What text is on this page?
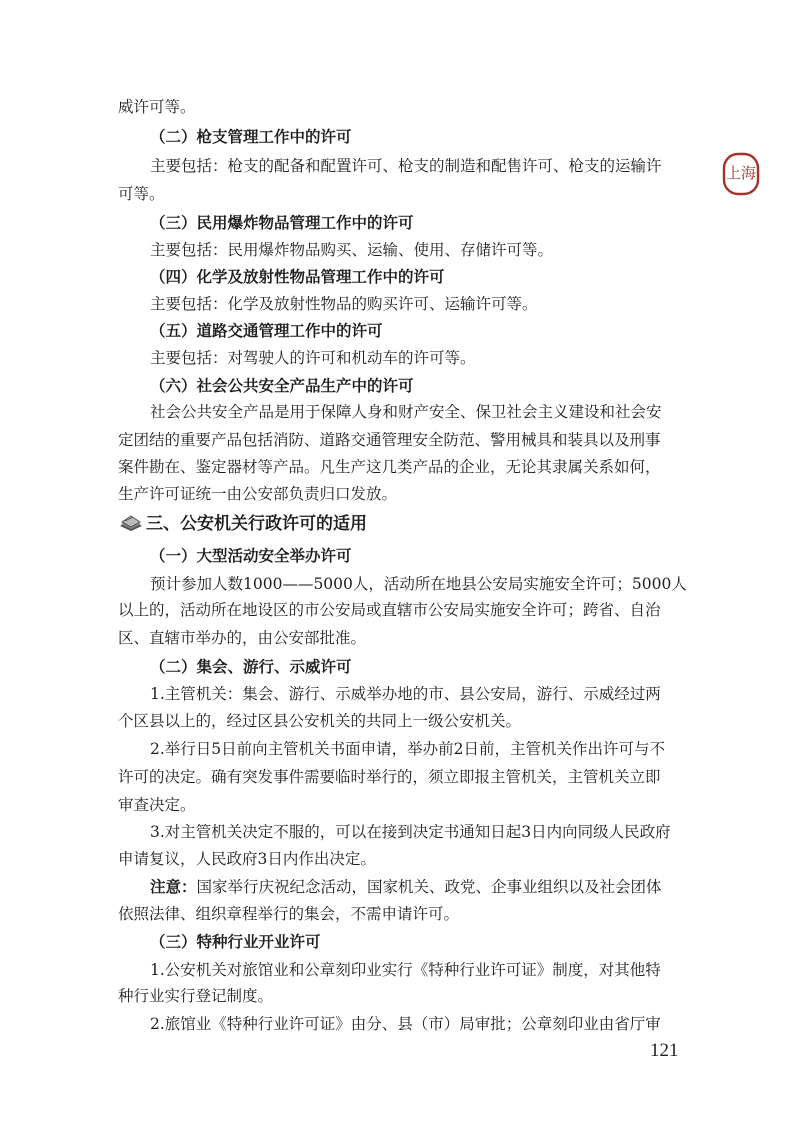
上海
威许可等。
（二）枪支管理工作中的许可
主要包括：枪支的配备和配置许可、枪支的制造和配售许可、枪支的运输许
可等。
（三）民用爆炸物品管理工作中的许可
主要包括：民用爆炸物品购买、运输、使用、存储许可等。
（四）化学及放射性物品管理工作中的许可
主要包括：化学及放射性物品的购买许可、运输许可等。
（五）道路交通管理工作中的许可
主要包括：对驾驶人的许可和机动车的许可等。
（六）社会公共安全产品生产中的许可
社会公共安全产品是用于保障人身和财产安全、保卫社会主义建设和社会安
定团结的重要产品包括消防、道路交通管理安全防范、警用械具和装具以及刑事
案件勘在、鉴定器材等产品。凡生产这几类产品的企业，无论其隶属关系如何，
生产许可证统一由公安部负责归口发放。
三、公安机关行政许可的适用
（一）大型活动安全举办许可
预计参加人数1000——5000人，活动所在地县公安局实施安全许可；5000人
以上的，活动所在地设区的市公安局或直辖市公安局实施安全许可；跨省、自治
区、直辖市举办的，由公安部批准。
（二）集会、游行、示威许可
1.主管机关：集会、游行、示威举办地的市、县公安局，游行、示威经过两
个区县以上的，经过区县公安机关的共同上一级公安机关。
2.举行日5日前向主管机关书面申请，举办前2日前，主管机关作出许可与不
许可的决定。确有突发事件需要临时举行的，须立即报主管机关，主管机关立即
审查决定。
3.对主管机关决定不服的，可以在接到决定书通知日起3日内向同级人民政府
申请复议，人民政府3日内作出决定。
注意：国家举行庆祝纪念活动，国家机关、政党、企事业组织以及社会团体
依照法律、组织章程举行的集会，不需申请许可。
（三）特种行业开业许可
1.公安机关对旅馆业和公章刻印业实行《特种行业许可证》制度，对其他特
种行业实行登记制度。
2.旅馆业《特种行业许可证》由分、县（市）局审批；公章刻印业由省厅审
121
